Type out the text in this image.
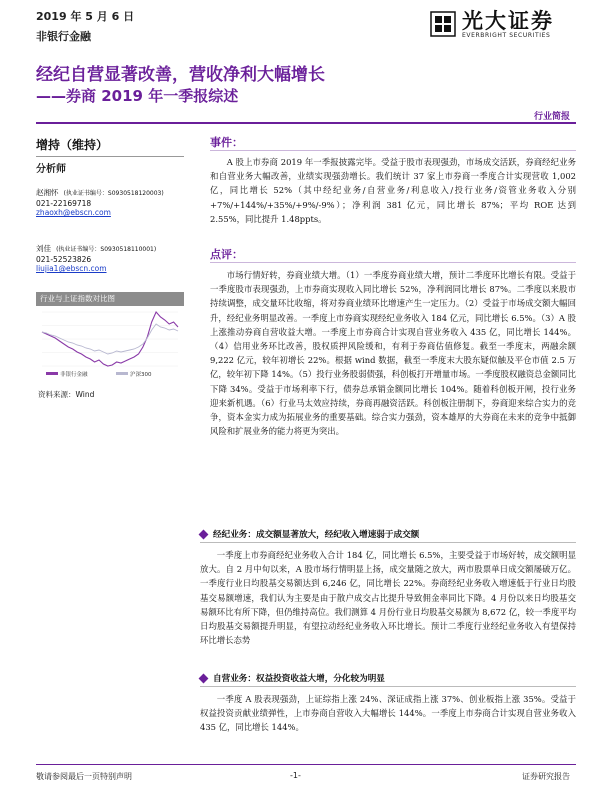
2019 年 5 月 6 日
非银行金融
光大证券
EVERBRIGHT SECURITIES
经纪自营显著改善，营收净利大幅增长
——券商 2019 年一季报综述
行业简报
增持（维持）
分析师
赵湘怀 (执业证书编号：S0930518120003)
021-22169718
zhaoxh@ebscn.com
刘佳 (执业证书编号：S0930518110001)
021-52523826
liujia1@ebscn.com
行业与上证指数对比图
非银行金融	沪深300
资料来源：Wind
事件：
A 股上市券商 2019 年一季报披露完毕。受益于股市表现强劲，市场成交活跃，券商经纪业务和自营业务大幅改善，业绩实现强劲增长。我们统计 37 家上市券商一季度合计实现营收 1,002 亿，同比增长 52%（其中经纪业务/自营业务/利息收入/投行业务/资管业务收入分别+7%/+144%/+35%/+9%/-9%）；净利润 381 亿元，同比增长 87%；平均 ROE 达到 2.55%，同比提升 1.48ppts。
点评：
市场行情好转，券商业绩大增。（1）一季度券商业绩大增，预计二季度环比增长有限。受益于一季度股市表现强劲，上市券商实现收入同比增长 52%，净利润同比增长 87%。二季度以来股市持续调整，成交量环比收缩，将对券商业绩环比增速产生一定压力。（2）受益于市场成交额大幅回升，经纪业务明显改善。一季度上市券商实现经纪业务收入 184 亿元，同比增长 6.5%。（3）A 股上涨推动券商自营收益大增。一季度上市券商合计实现自营业务收入 435 亿，同比增长 144%。（4）信用业务环比改善，股权质押风险缓和，有利于券商估值修复。截至一季度末，两融余额 9,222 亿元，较年初增长 22%。根据 wind 数据，截至一季度末大股东疑似触及平仓市值 2.5 万亿，较年初下降 14%。（5）投行业务股弱债强，科创板打开增量市场。一季度股权融资总金额同比下降 34%。受益于市场利率下行，债券总承销金额同比增长 104%。随着科创板开闸，投行业务迎来新机遇。（6）行业马太效应持续，券商再融资活跃。科创板注册制下，券商迎来综合实力的竞争，资本金实力成为拓展业务的重要基础。综合实力强劲，资本雄厚的大券商在未来的竞争中抵御风险和扩展业务的能力将更为突出。
经纪业务：成交额显著放大，经纪收入增速弱于成交额
一季度上市券商经纪业务收入合计 184 亿，同比增长 6.5%，主要受益于市场好转，成交额明显放大。自 2 月中旬以来，A 股市场行情明显上扬，成交量随之放大，两市股票单日成交额屡破万亿。一季度行业日均股基交易额达到 6,246 亿，同比增长 22%。券商经纪业务收入增速低于行业日均股基交易额增速，我们认为主要是由于散户成交占比提升导致佣金率同比下降。4 月份以来日均股基交易额环比有所下降，但仍维持高位。我们测算 4 月份行业日均股基交易额为 8,672 亿，较一季度平均日均股基交易额提升明显，有望拉动经纪业务收入环比增长。预计二季度行业经纪业务收入有望保持环比增长态势
自营业务：权益投资收益大增，分化较为明显
一季度 A 股表现强劲，上证综指上涨 24%、深证成指上涨 37%、创业板指上涨 35%。受益于权益投资贡献业绩弹性，上市券商自营收入大幅增长 144%。一季度上市券商合计实现自营业务收入 435 亿，同比增长 144%。
敬请参阅最后一页特别声明	-1-	证券研究报告
